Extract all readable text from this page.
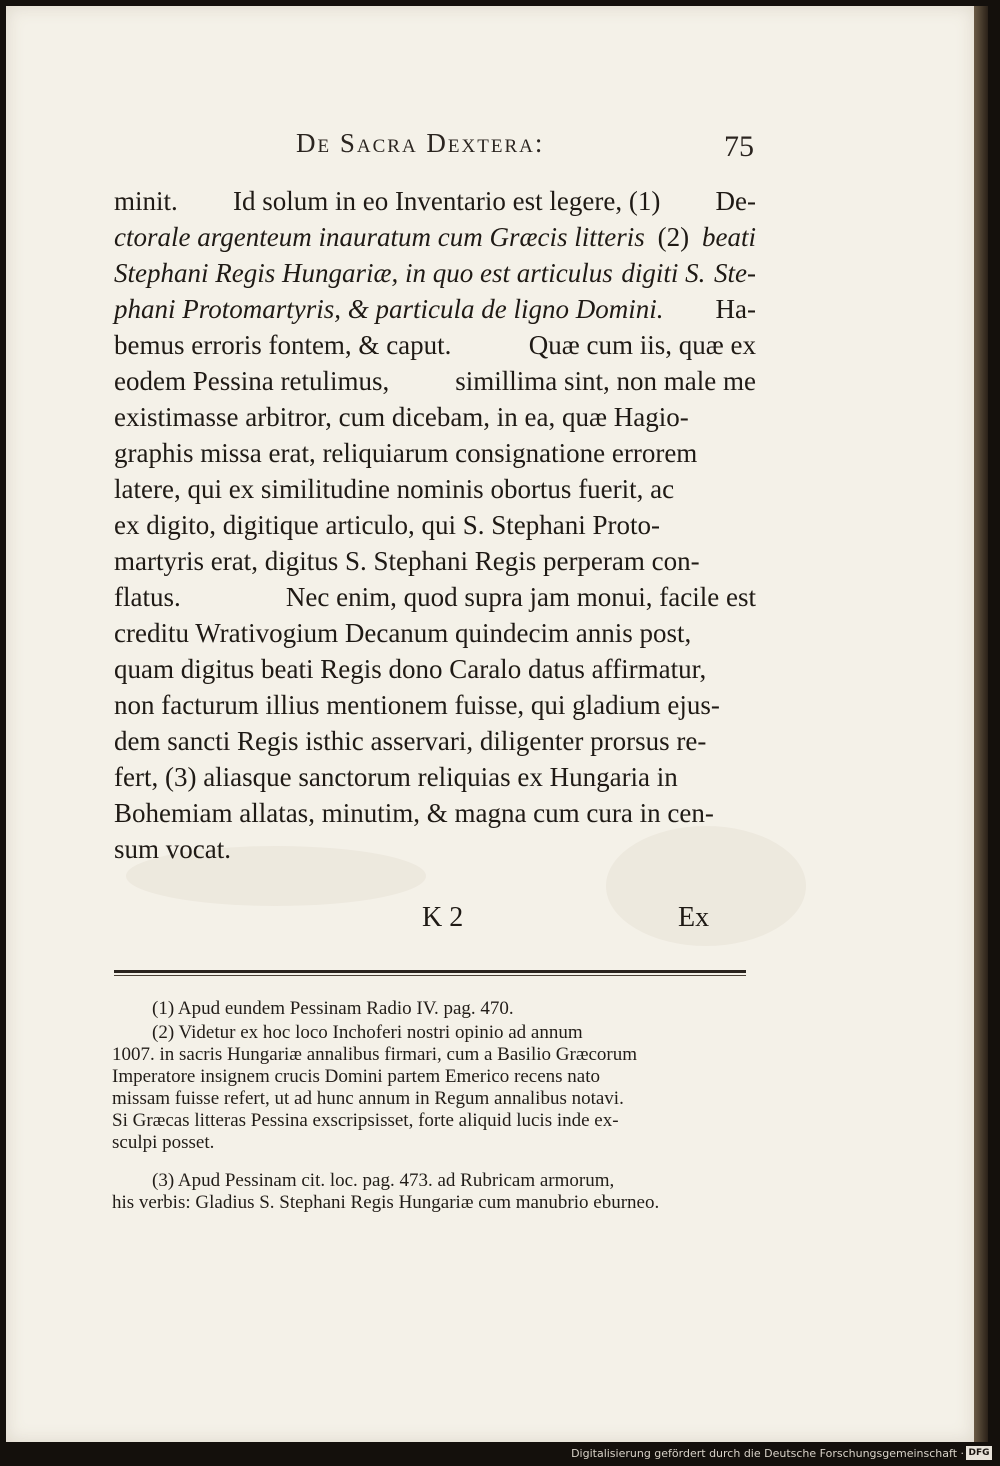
De Sacra Dextera:	75
minit. Id solum in eo Inventario est legere, (1) De-
ctorale argenteum inauratum cum Græcis litteris (2) beati
Stephani Regis Hungariæ, in quo est articulus digiti S. Ste-
phani Protomartyris, & particula de ligno Domini. Ha-
bemus erroris fontem, & caput.	Quæ cum iis, quæ ex
eodem Pessina retulimus, simillima sint, non male me
existimasse arbitror, cum dicebam, in ea, quæ Hagio-
graphis missa erat, reliquiarum consignatione errorem
latere, qui ex similitudine nominis obortus fuerit, ac
ex digito, digitique articulo, qui S. Stephani Proto-
martyris erat, digitus S. Stephani Regis perperam con-
flatus.	Nec enim, quod supra jam monui, facile est
creditu Wrativogium Decanum quindecim annis post,
quam digitus beati Regis dono Caralo datus affirmatur,
non facturum illius mentionem fuisse, qui gladium ejus-
dem sancti Regis isthic asservari, diligenter prorsus re-
fert, (3) aliasque sanctorum reliquias ex Hungaria in
Bohemiam allatas, minutim, & magna cum cura in cen-
sum vocat.
K 2	Ex
(1) Apud eundem Pessinam Radio IV. pag. 470.
(2) Videtur ex hoc loco Inchoferi nostri opinio ad annum
1007. in sacris Hungariæ annalibus firmari, cum a Basilio Græcorum
Imperatore insignem crucis Domini partem Emerico recens nato
missam fuisse refert, ut ad hunc annum in Regum annalibus notavi.
Si Græcas litteras Pessina exscripsisset, forte aliquid lucis inde ex-
sculpi posset.
(3) Apud Pessinam cit. loc. pag. 473. ad Rubricam armorum,
his verbis: Gladius S. Stephani Regis Hungariæ cum manubrio eburneo.
Digitalisierung gefördert durch die Deutsche Forschungsgemeinschaft · DFG
